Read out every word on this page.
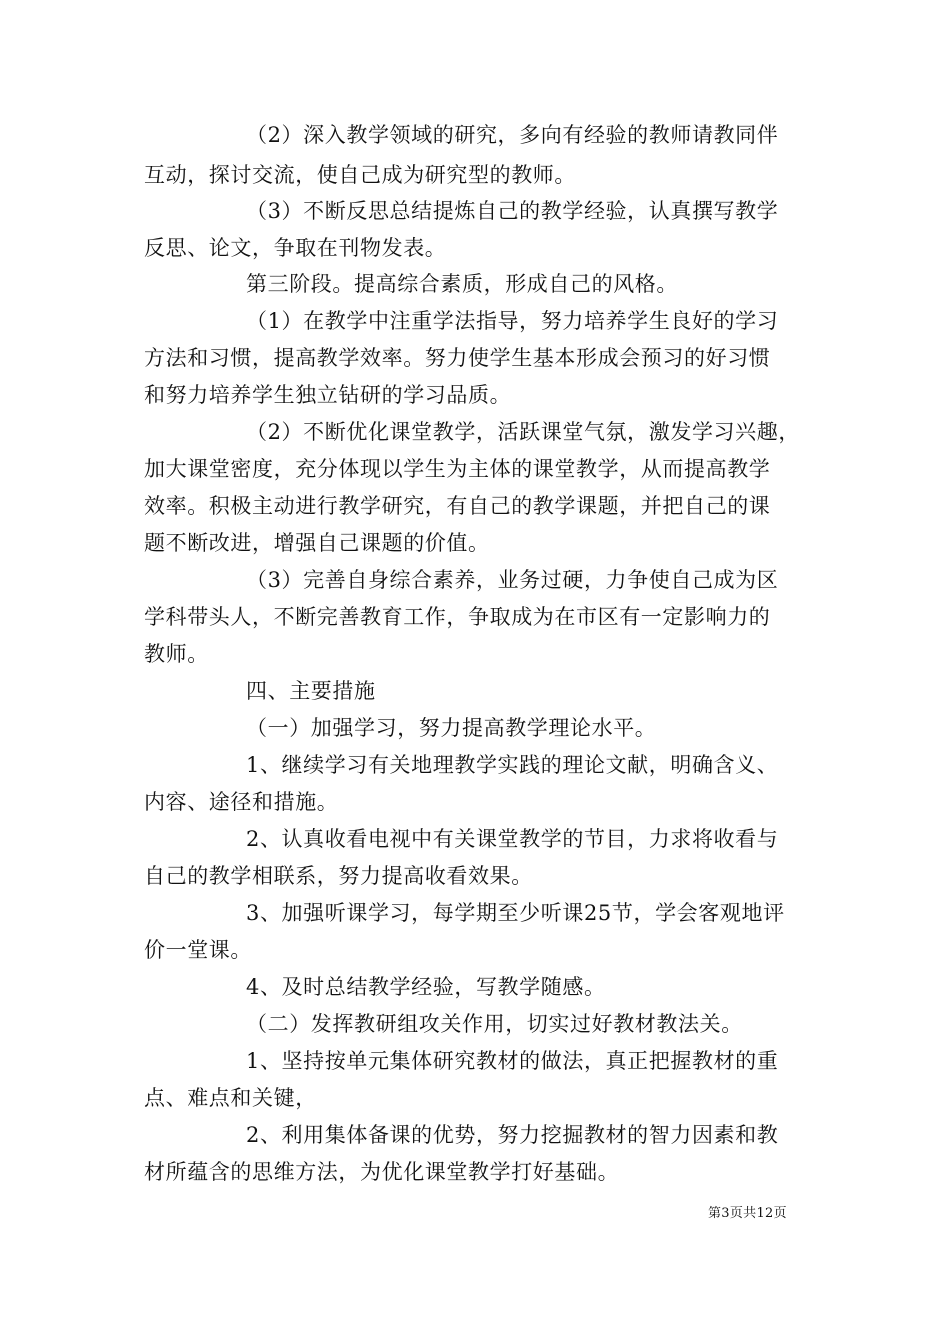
（2）深入教学领域的研究，多向有经验的教师请教同伴
互动，探讨交流，使自己成为研究型的教师。
（3）不断反思总结提炼自己的教学经验，认真撰写教学
反思、论文，争取在刊物发表。
第三阶段。提高综合素质，形成自己的风格。
（1）在教学中注重学法指导，努力培养学生良好的学习
方法和习惯，提高教学效率。努力使学生基本形成会预习的好习惯
和努力培养学生独立钻研的学习品质。
（2）不断优化课堂教学，活跃课堂气氛，激发学习兴趣，
加大课堂密度，充分体现以学生为主体的课堂教学，从而提高教学
效率。积极主动进行教学研究，有自己的教学课题，并把自己的课
题不断改进，增强自己课题的价值。
（3）完善自身综合素养，业务过硬，力争使自己成为区
学科带头人，不断完善教育工作，争取成为在市区有一定影响力的
教师。
四、主要措施
（一）加强学习，努力提高教学理论水平。
1、继续学习有关地理教学实践的理论文献，明确含义、
内容、途径和措施。
2、认真收看电视中有关课堂教学的节目，力求将收看与
自己的教学相联系，努力提高收看效果。
3、加强听课学习，每学期至少听课25节，学会客观地评
价一堂课。
4、及时总结教学经验，写教学随感。
（二）发挥教研组攻关作用，切实过好教材教法关。
1、坚持按单元集体研究教材的做法，真正把握教材的重
点、难点和关键，
2、利用集体备课的优势，努力挖掘教材的智力因素和教
材所蕴含的思维方法，为优化课堂教学打好基础。
第3页共12页
